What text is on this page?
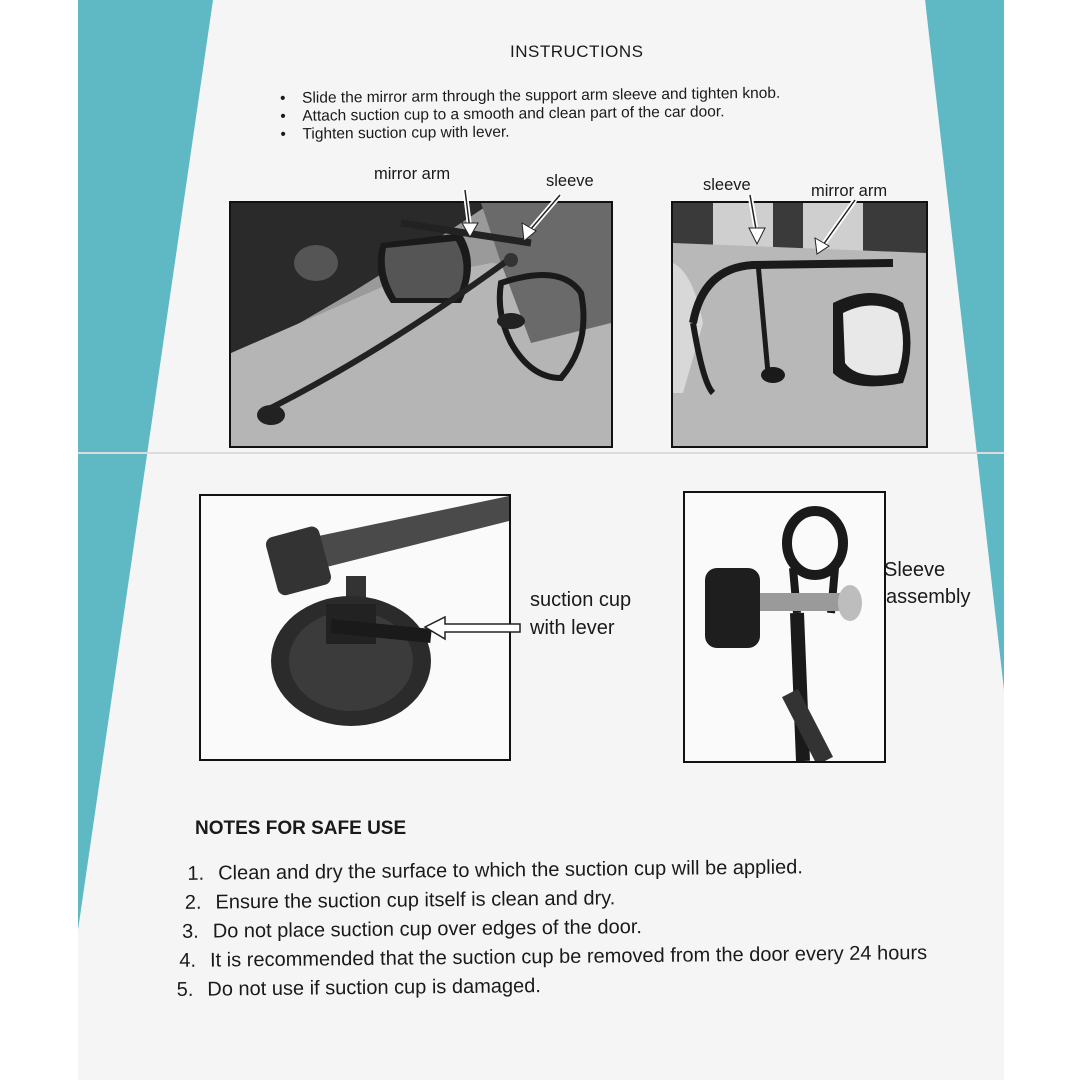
INSTRUCTIONS
• Slide the mirror arm through the support arm sleeve and tighten knob.
• Attach suction cup to a smooth and clean part of the car door.
• Tighten suction cup with lever.
mirror arm	sleeve	sleeve	mirror arm
suction cup
with lever
Sleeve
assembly
NOTES FOR SAFE USE
1. Clean and dry the surface to which the suction cup will be applied.
2. Ensure the suction cup itself is clean and dry.
3. Do not place suction cup over edges of the door.
4. It is recommended that the suction cup be removed from the door every 24 hours
5. Do not use if suction cup is damaged.
